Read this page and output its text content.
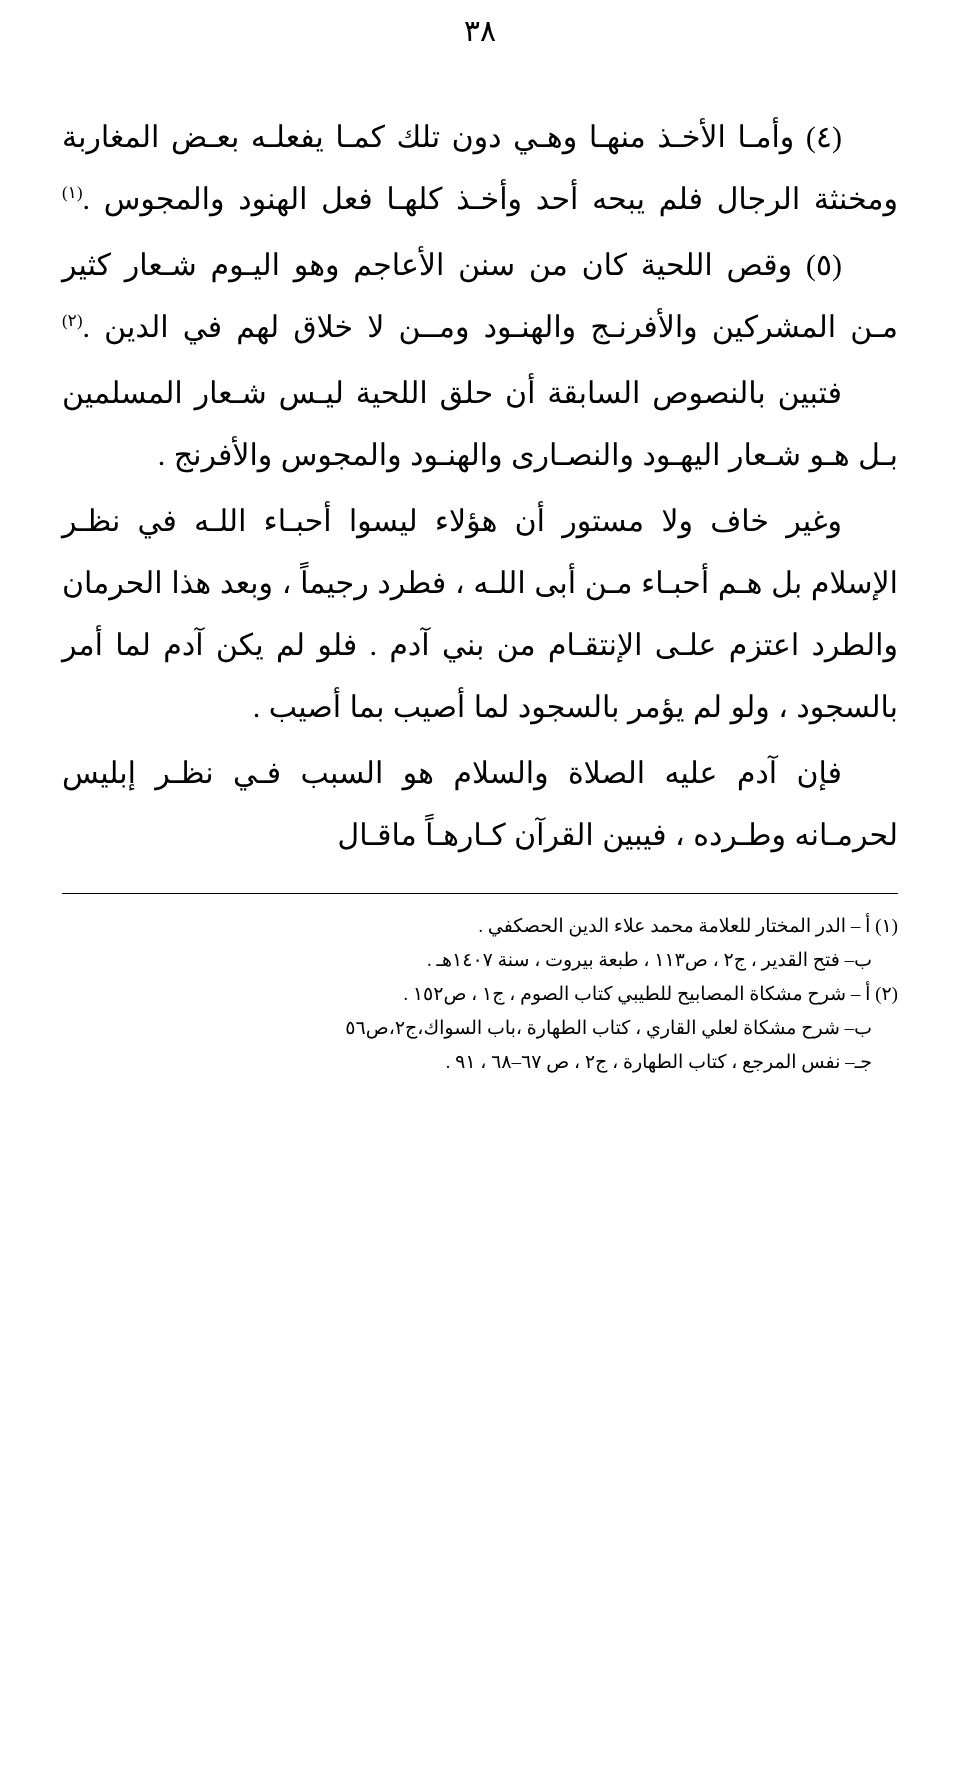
٣٨

(٤) وأمـا الأخـذ منهـا وهـي دون تلك كمـا يفعلـه بعـض المغاربة ومخنثة الرجال فلم يبحه أحد وأخـذ كلهـا فعل الهنود والمجوس .$^{(١)}$

(٥) وقص اللحية كان من سنن الأعاجم وهو اليـوم شـعار كثير مـن المشركين والأفرنـج والهنـود ومــن لا خلاق لهم في الدين .$^{(٢)}$

فتبين بالنصوص السابقة أن حلق اللحية ليـس شـعار المسلمين بـل هـو شـعار اليهـود والنصـارى والهنـود والمجوس والأفرنج .

وغير خاف ولا مستور أن هؤلاء ليسوا أحبـاء اللـه في نظـر الإسلام بل هـم أحبـاء مـن أبى اللـه ، فطرد رجيماً ، وبعد هذا الحرمان والطرد اعتزم علـى الإنتقـام من بني آدم . فلو لم يكن آدم لما أمر بالسجود ، ولو لم يؤمر بالسجود لما أصيب بما أصيب .

فإن آدم عليه الصلاة والسلام هو السبب فـي نظـر إبليس لحرمـانه وطـرده ، فيبين القرآن كـارهـاً ماقـال

(١) أ – الدر المختار للعلامة محمد علاء الدين الحصكفي .
ب– فتح القدير ، ج٢ ، ص١١٣ ، طبعة بيروت ، سنة ١٤٠٧هـ .
(٢) أ – شرح مشكاة المصابيح للطيبي كتاب الصوم ، ج١ ، ص١٥٢ .
ب– شرح مشكاة لعلي القاري ، كتاب الطهارة ،باب السواك،ج٢،ص٥٦
جـ– نفس المرجع ، كتاب الطهارة ، ج٢ ، ص ٦٧–٦٨ ، ٩١ .
